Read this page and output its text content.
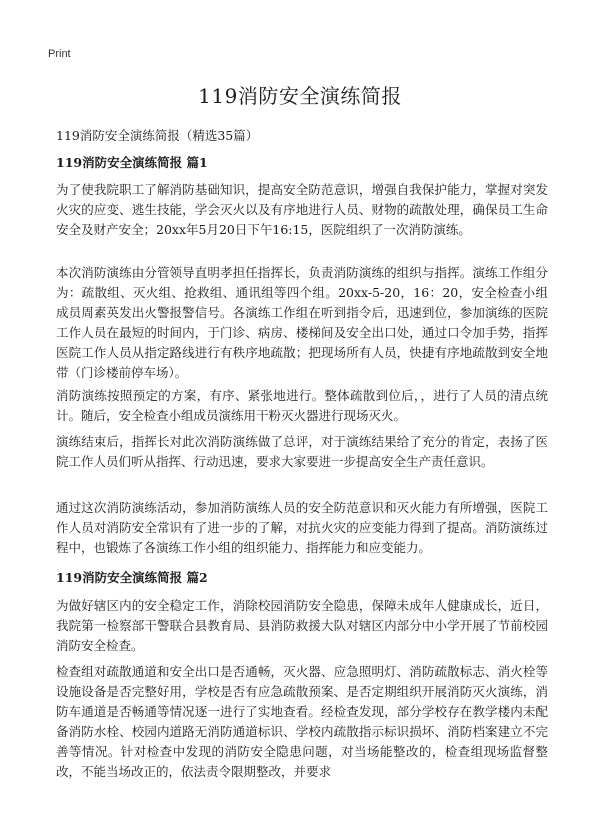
Print
119消防安全演练简报
119消防安全演练简报（精选35篇）
119消防安全演练简报 篇1

为了使我院职工了解消防基础知识，提高安全防范意识，增强自我保护能力，掌握对突发火灾的应变、逃生技能，学会灭火以及有序地进行人员、财物的疏散处理，确保员工生命安全及财产安全；20xx年5月20日下午16:15，医院组织了一次消防演练。

本次消防演练由分管领导直明孝担任指挥长，负责消防演练的组织与指挥。演练工作组分为：疏散组、灭火组、抢救组、通讯组等四个组。20xx-5-20，16：20，安全检查小组成员周素英发出火警报警信号。各演练工作组在听到指令后，迅速到位，参加演练的医院工作人员在最短的时间内，于门诊、病房、楼梯间及安全出口处，通过口令加手势，指挥医院工作人员从指定路线进行有秩序地疏散；把现场所有人员，快捷有序地疏散到安全地带（门诊楼前停车场）。

消防演练按照预定的方案，有序、紧张地进行。整体疏散到位后，，进行了人员的清点统计。随后，安全检查小组成员演练用干粉灭火器进行现场灭火。

演练结束后，指挥长对此次消防演练做了总评，对于演练结果给了充分的肯定，表扬了医院工作人员们听从指挥、行动迅速，要求大家要进一步提高安全生产责任意识。

通过这次消防演练活动，参加消防演练人员的安全防范意识和灭火能力有所增强，医院工作人员对消防安全常识有了进一步的了解，对抗火灾的应变能力得到了提高。消防演练过程中，也锻炼了各演练工作小组的组织能力、指挥能力和应变能力。

119消防安全演练简报 篇2

为做好辖区内的安全稳定工作，消除校园消防安全隐患，保障未成年人健康成长，近日，我院第一检察部干警联合县教育局、县消防救援大队对辖区内部分中小学开展了节前校园消防安全检查。

检查组对疏散通道和安全出口是否通畅，灭火器、应急照明灯、消防疏散标志、消火栓等设施设备是否完整好用，学校是否有应急疏散预案、是否定期组织开展消防灭火演练，消防车通道是否畅通等情况逐一进行了实地查看。经检查发现，部分学校存在教学楼内未配备消防水栓、校园内道路无消防通道标识、学校内疏散指示标识损坏、消防档案建立不完善等情况。针对检查中发现的消防安全隐患问题，对当场能整改的，检查组现场监督整改，不能当场改正的，依法责令限期整改，并要求
